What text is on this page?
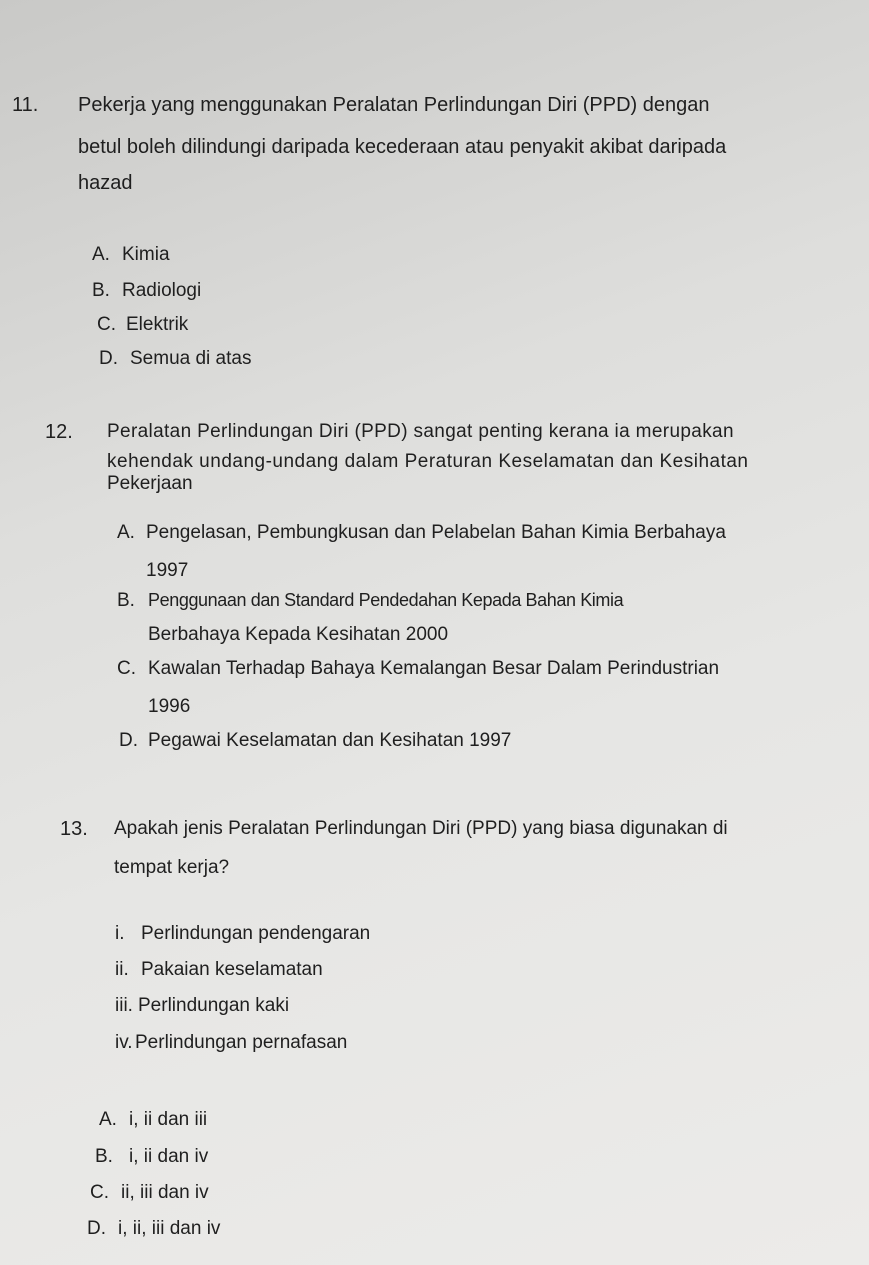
11. Pekerja yang menggunakan Peralatan Perlindungan Diri (PPD) dengan
betul boleh dilindungi daripada kecederaan atau penyakit akibat daripada
hazad
A. Kimia
B. Radiologi
C. Elektrik
D. Semua di atas
12. Peralatan Perlindungan Diri (PPD) sangat penting kerana ia merupakan
kehendak undang-undang dalam Peraturan Keselamatan dan Kesihatan
Pekerjaan
A. Pengelasan, Pembungkusan dan Pelabelan Bahan Kimia Berbahaya
1997
B. Penggunaan dan Standard Pendedahan Kepada Bahan Kimia
Berbahaya Kepada Kesihatan 2000
C. Kawalan Terhadap Bahaya Kemalangan Besar Dalam Perindustrian
1996
D. Pegawai Keselamatan dan Kesihatan 1997
13. Apakah jenis Peralatan Perlindungan Diri (PPD) yang biasa digunakan di
tempat kerja?
i. Perlindungan pendengaran
ii. Pakaian keselamatan
iii. Perlindungan kaki
iv. Perlindungan pernafasan
A. i, ii dan iii
B. i, ii dan iv
C. ii, iii dan iv
D. i, ii, iii dan iv
